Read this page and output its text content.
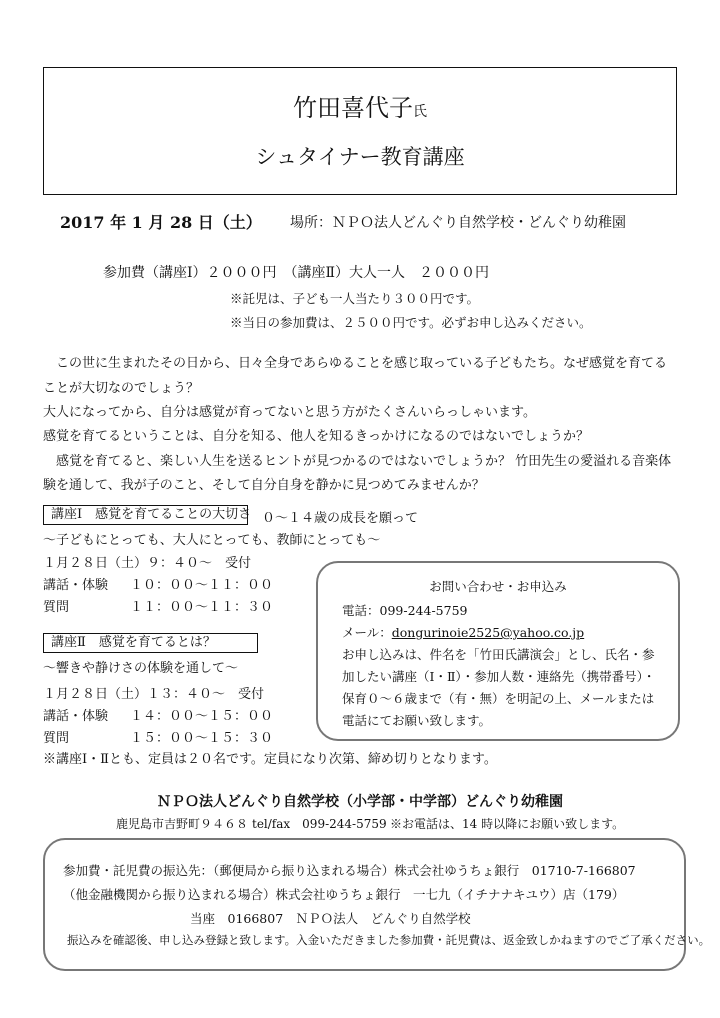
竹田喜代子氏
シュタイナー教育講座
2017 年 1 月 28 日（土） 場所：ＮＰＯ法人どんぐり自然学校・どんぐり幼稚園
参加費（講座Ⅰ）２０００円　（講座Ⅱ）大人一人　２０００円
※託児は、子ども一人当たり３００円です。
※当日の参加費は、２５００円です。必ずお申し込みください。
　この世に生まれたその日から、日々全身であらゆることを感じ取っている子どもたち。なぜ感覚を育てる
ことが大切なのでしょう？
大人になってから、自分は感覚が育ってないと思う方がたくさんいらっしゃいます。
感覚を育てるということは、自分を知る、他人を知るきっかけになるのではないでしょうか？
　感覚を育てると、楽しい人生を送るヒントが見つかるのではないでしょうか？ 竹田先生の愛溢れる音楽体
験を通して、我が子のこと、そして自分自身を静かに見つめてみませんか？
講座Ⅰ　感覚を育てることの大切さ ０～１４歳の成長を願って
～子どもにとっても、大人にとっても、教師にとっても～
１月２８日（土）９：４０～　受付
講話・体験 １０：００～１１：００
質問	１１：００～１１：３０
講座Ⅱ　感覚を育てるとは？
～響きや静けさの体験を通して～
１月２８日（土）１３：４０～　受付
講話・体験 １４：００～１５：００
質問	１５：００～１５：３０
※講座Ⅰ・Ⅱとも、定員は２０名です。定員になり次第、締め切りとなります。
お問い合わせ・お申込み
電話：099-244-5759
メール：dongurinoie2525@yahoo.co.jp
お申し込みは、件名を「竹田氏講演会」とし、氏名・参
加したい講座（Ⅰ・Ⅱ）・参加人数・連絡先（携帯番号）・
保育０～６歳まで（有・無）を明記の上、メールまたは
電話にてお願い致します。
ＮＰＯ法人どんぐり自然学校（小学部・中学部）どんぐり幼稚園
鹿児島市吉野町９４６８ tel/fax　099-244-5759 ※お電話は、14 時以降にお願い致します。
参加費・託児費の振込先：（郵便局から振り込まれる場合）株式会社ゆうちょ銀行　01710-7-166807
（他金融機関から振り込まれる場合）株式会社ゆうちょ銀行　一七九（イチナナキユウ）店（179）
当座　0166807　ＮＰＯ法人　どんぐり自然学校
振込みを確認後、申し込み登録と致します。入金いただきました参加費・託児費は、返金致しかねますのでご了承ください。
